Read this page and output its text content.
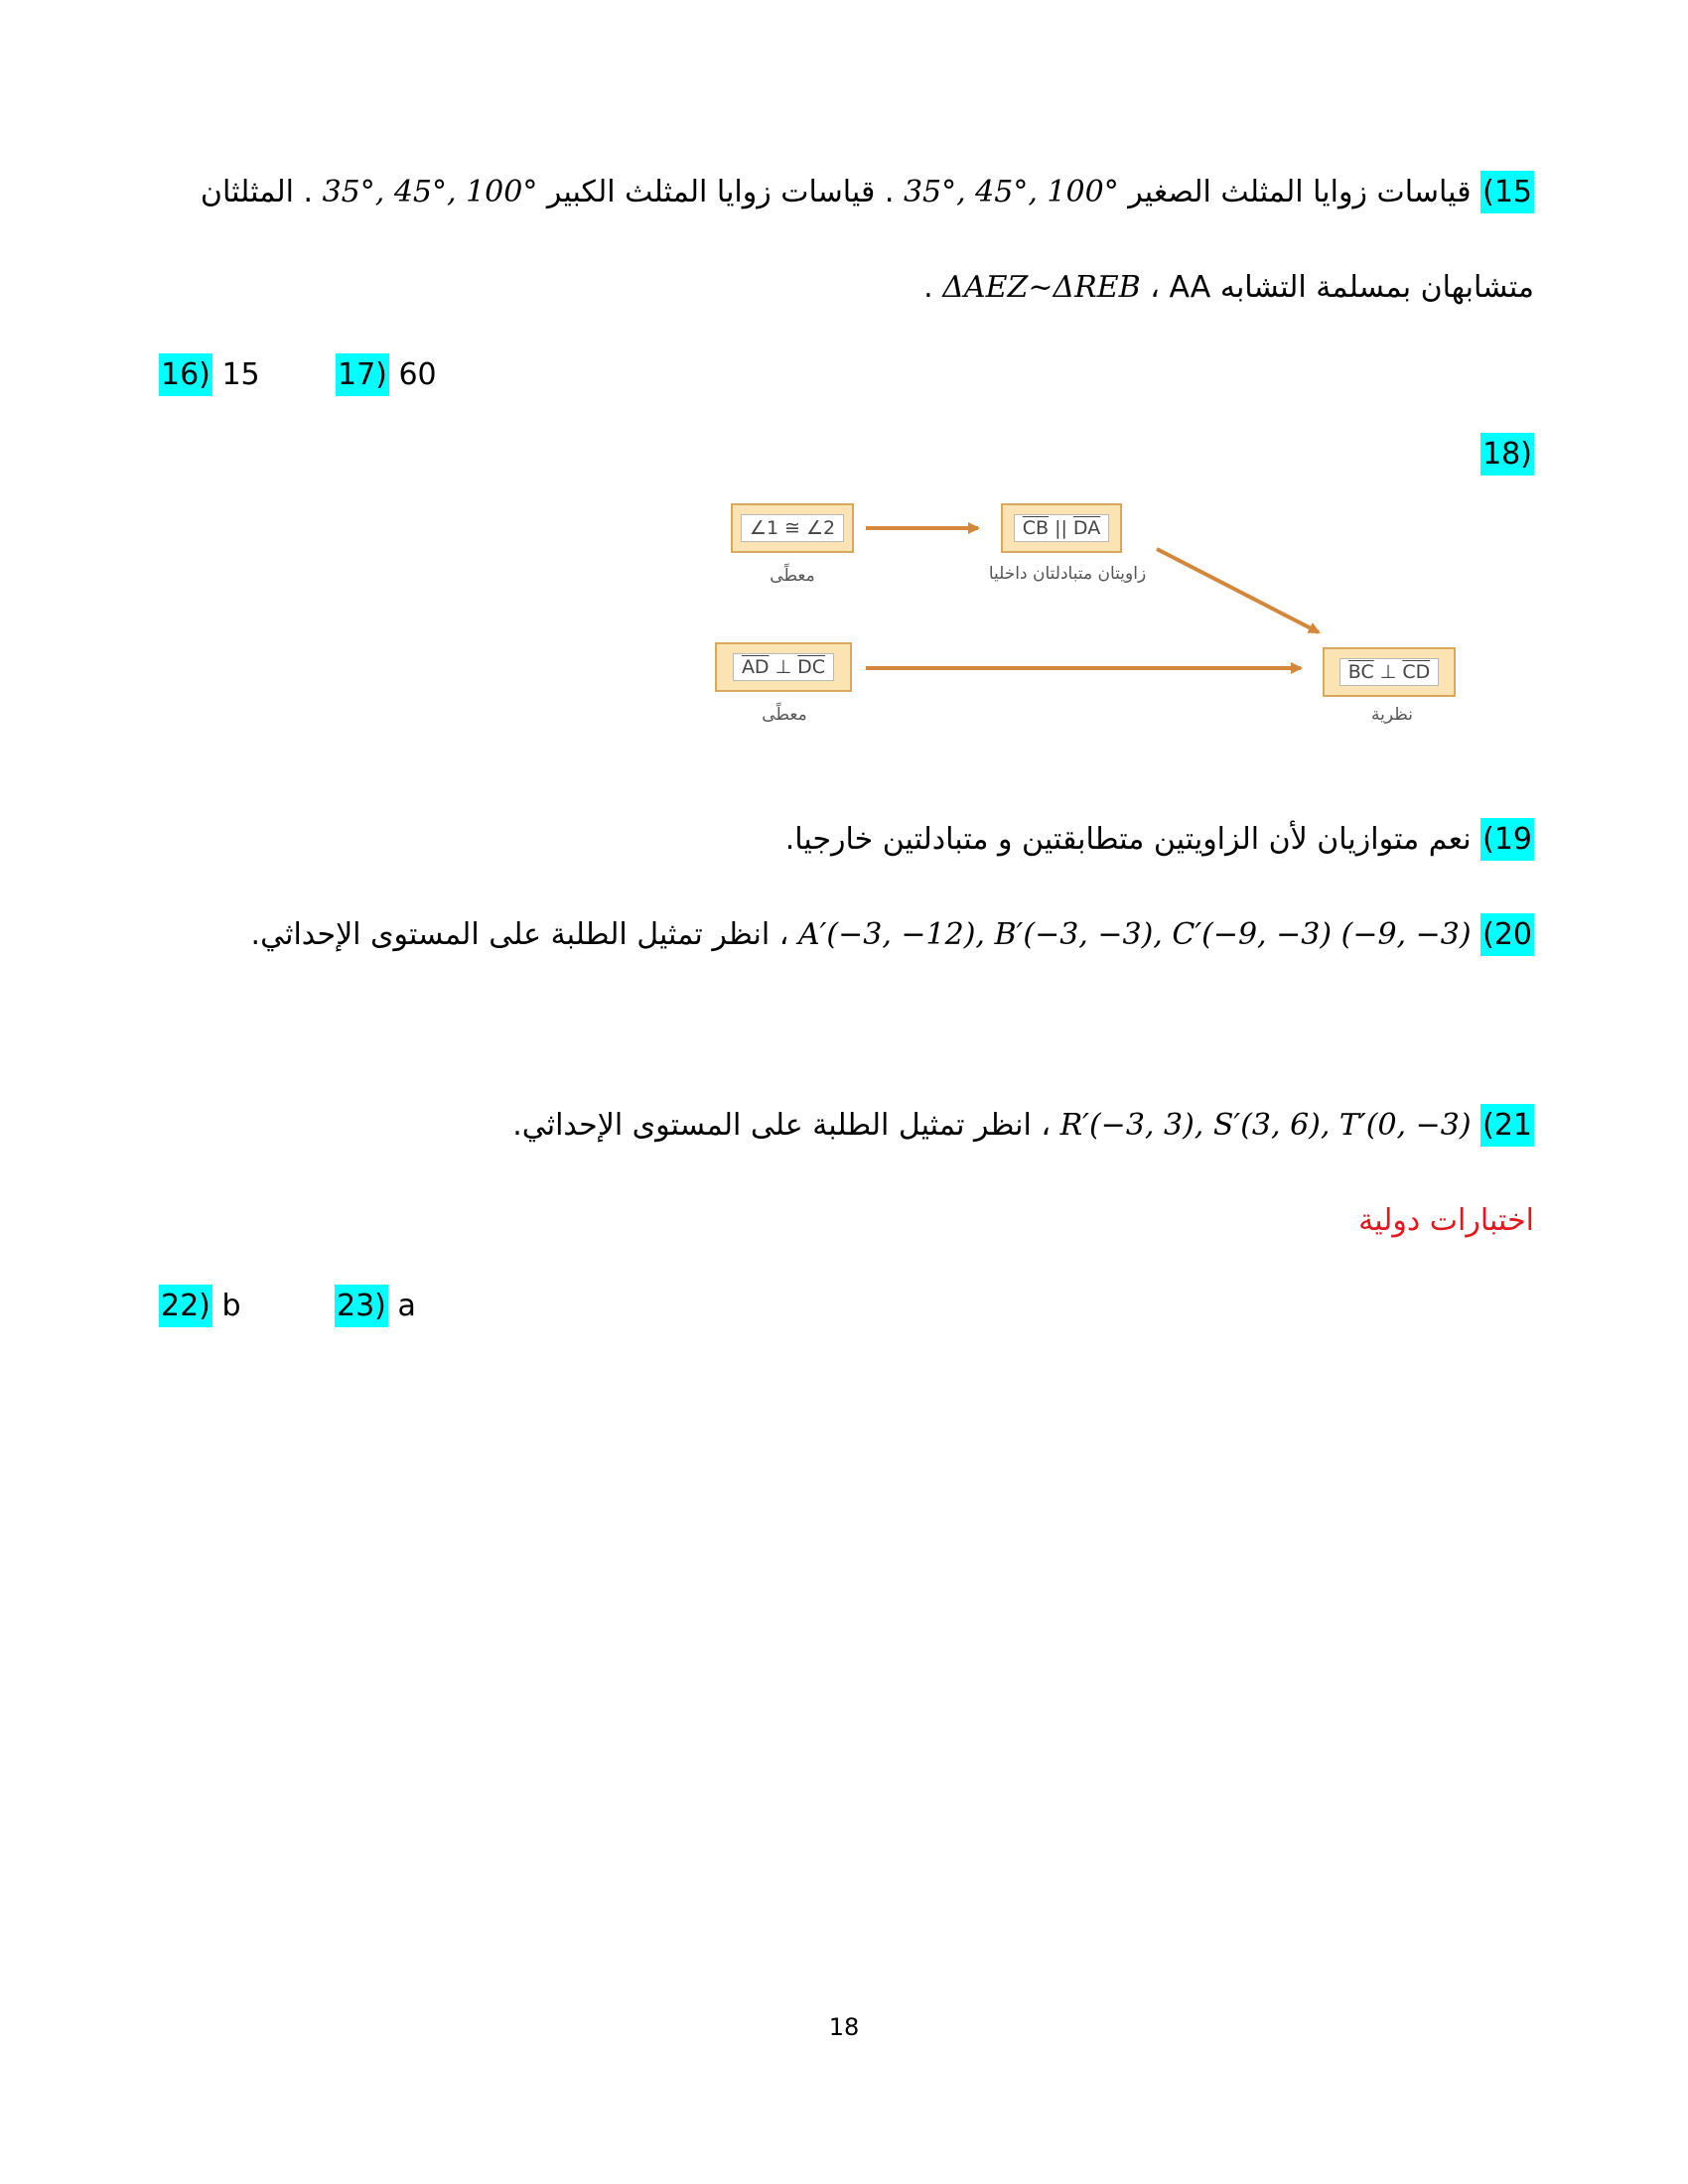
15) قياسات زوايا المثلث الصغير 35°, 45°, 100° . قياسات زوايا المثلث الكبير 35°, 45°, 100° . المثلثان
متشابهان بمسلمة التشابه AA ، ΔAEZ~ΔREB .
16) 15	17) 60
(18
∠1 ≅ ∠2
معطًى
$\overline{CB}$ || $\overline{DA}$
زاويتان متبادلتان داخليا
$\overline{AD}$ ⊥ $\overline{DC}$
معطًى
$\overline{BC}$ ⊥ $\overline{CD}$
نظرية
19) نعم متوازيان لأن الزاويتين متطابقتين و متبادلتين خارجيا.
20) (−9, −3) A′(−3, −12), B′(−3, −3), C′(−9, −3) ، انظر تمثيل الطلبة على المستوى الإحداثي.
21) R′(−3, 3), S′(3, 6), T′(0, −3) ، انظر تمثيل الطلبة على المستوى الإحداثي.
اختبارات دولية
22) b	23) a
18
